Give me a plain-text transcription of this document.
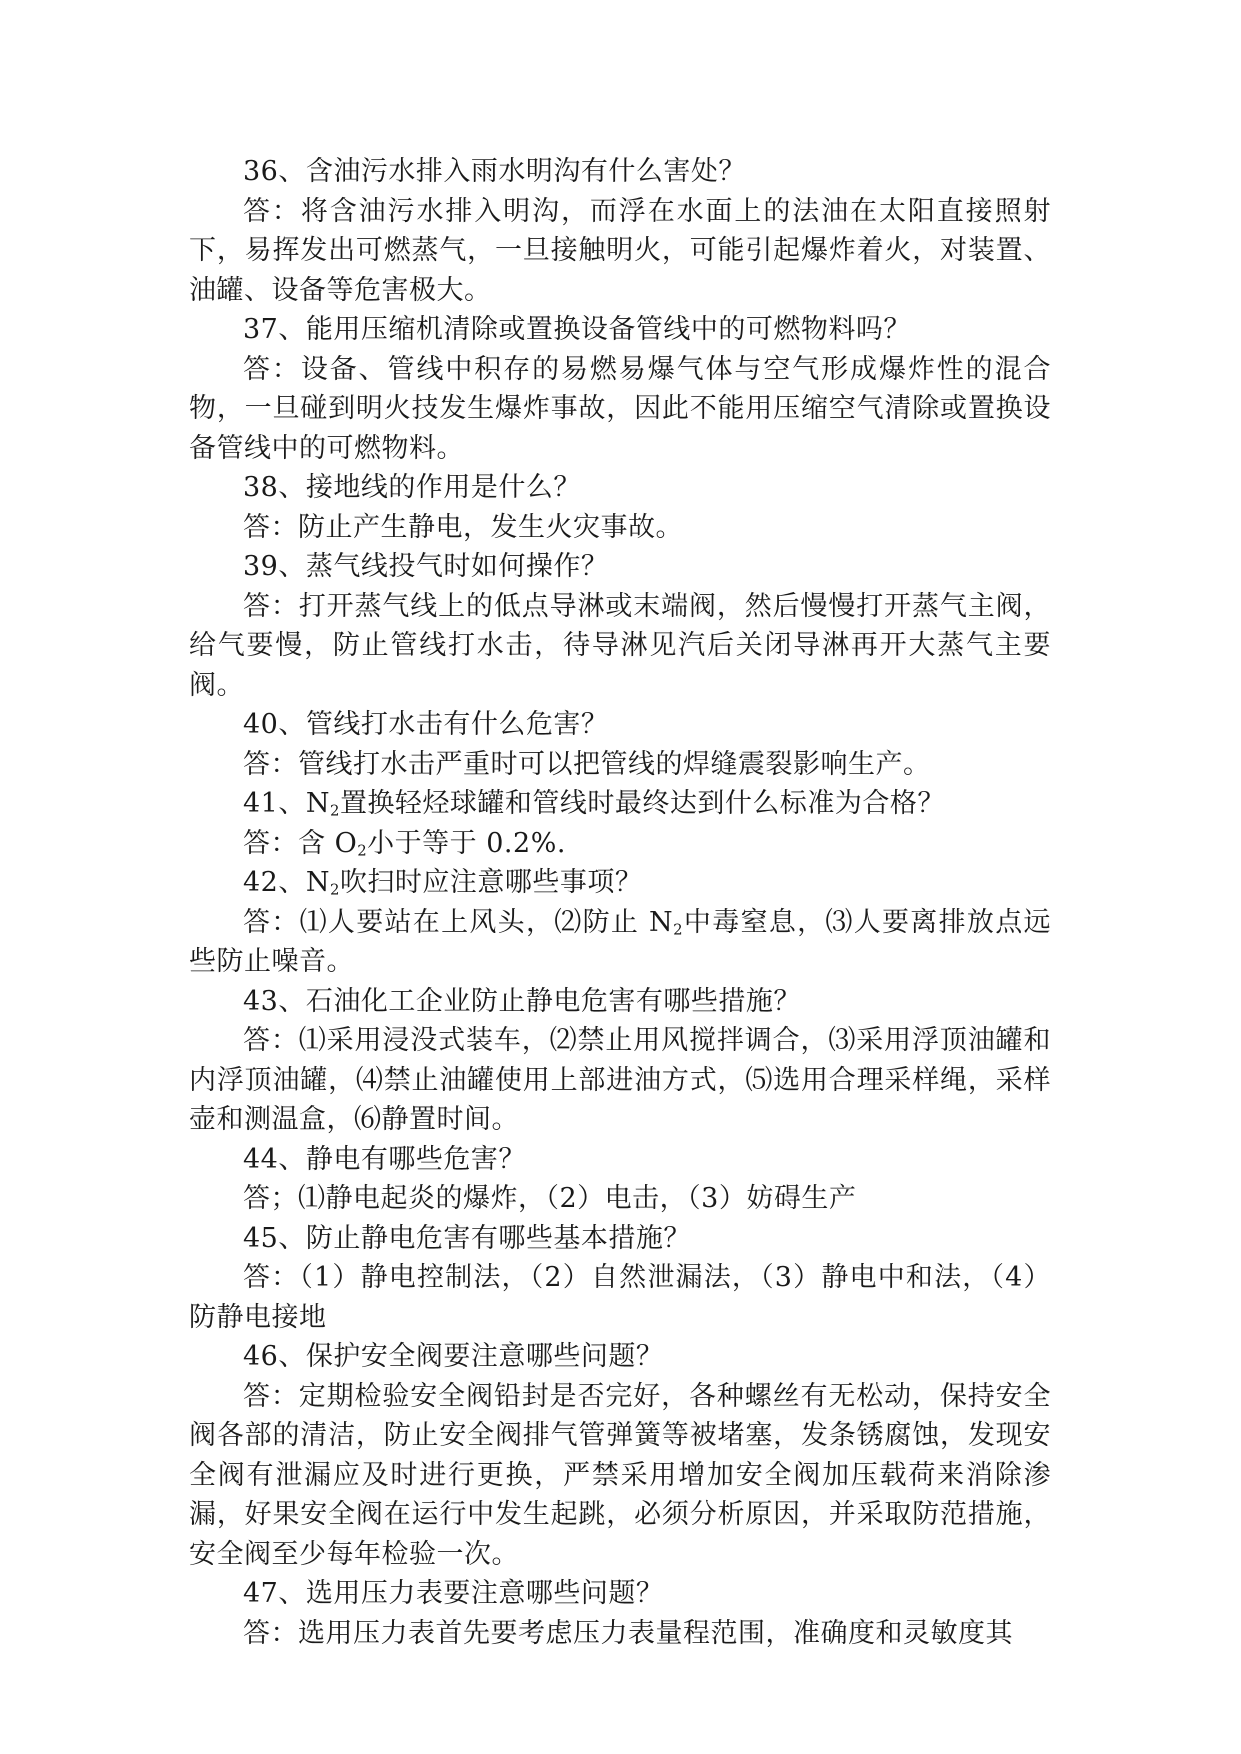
36、含油污水排入雨水明沟有什么害处？

答：将含油污水排入明沟，而浮在水面上的法油在太阳直接照射下，易挥发出可燃蒸气，一旦接触明火，可能引起爆炸着火，对装置、油罐、设备等危害极大。

37、能用压缩机清除或置换设备管线中的可燃物料吗？

答：设备、管线中积存的易燃易爆气体与空气形成爆炸性的混合物，一旦碰到明火技发生爆炸事故，因此不能用压缩空气清除或置换设备管线中的可燃物料。

38、接地线的作用是什么？

答：防止产生静电，发生火灾事故。

39、蒸气线投气时如何操作？

答：打开蒸气线上的低点导淋或末端阀，然后慢慢打开蒸气主阀，给气要慢，防止管线打水击，待导淋见汽后关闭导淋再开大蒸气主要阀。

40、管线打水击有什么危害？

答：管线打水击严重时可以把管线的焊缝震裂影响生产。

41、$N_2$置换轻烃球罐和管线时最终达到什么标准为合格？

答：含 $O_2$小于等于 0.2%.

42、$N_2$吹扫时应注意哪些事项？

答：⑴人要站在上风头，⑵防止 $N_2$中毒窒息，⑶人要离排放点远些防止噪音。

43、石油化工企业防止静电危害有哪些措施？

答：⑴采用浸没式装车，⑵禁止用风搅拌调合，⑶采用浮顶油罐和内浮顶油罐，⑷禁止油罐使用上部进油方式，⑸选用合理采样绳，采样壶和测温盒，⑹静置时间。

44、静电有哪些危害？

答；⑴静电起炎的爆炸，（2）电击，（3）妨碍生产

45、防止静电危害有哪些基本措施？

答：（1）静电控制法，（2）自然泄漏法，（3）静电中和法，（4）防静电接地

46、保护安全阀要注意哪些问题？

答：定期检验安全阀铅封是否完好，各种螺丝有无松动，保持安全阀各部的清洁，防止安全阀排气管弹簧等被堵塞，发条锈腐蚀，发现安全阀有泄漏应及时进行更换，严禁采用增加安全阀加压载荷来消除渗漏，好果安全阀在运行中发生起跳，必须分析原因，并采取防范措施，安全阀至少每年检验一次。

47、选用压力表要注意哪些问题？

答：选用压力表首先要考虑压力表量程范围，准确度和灵敏度其
